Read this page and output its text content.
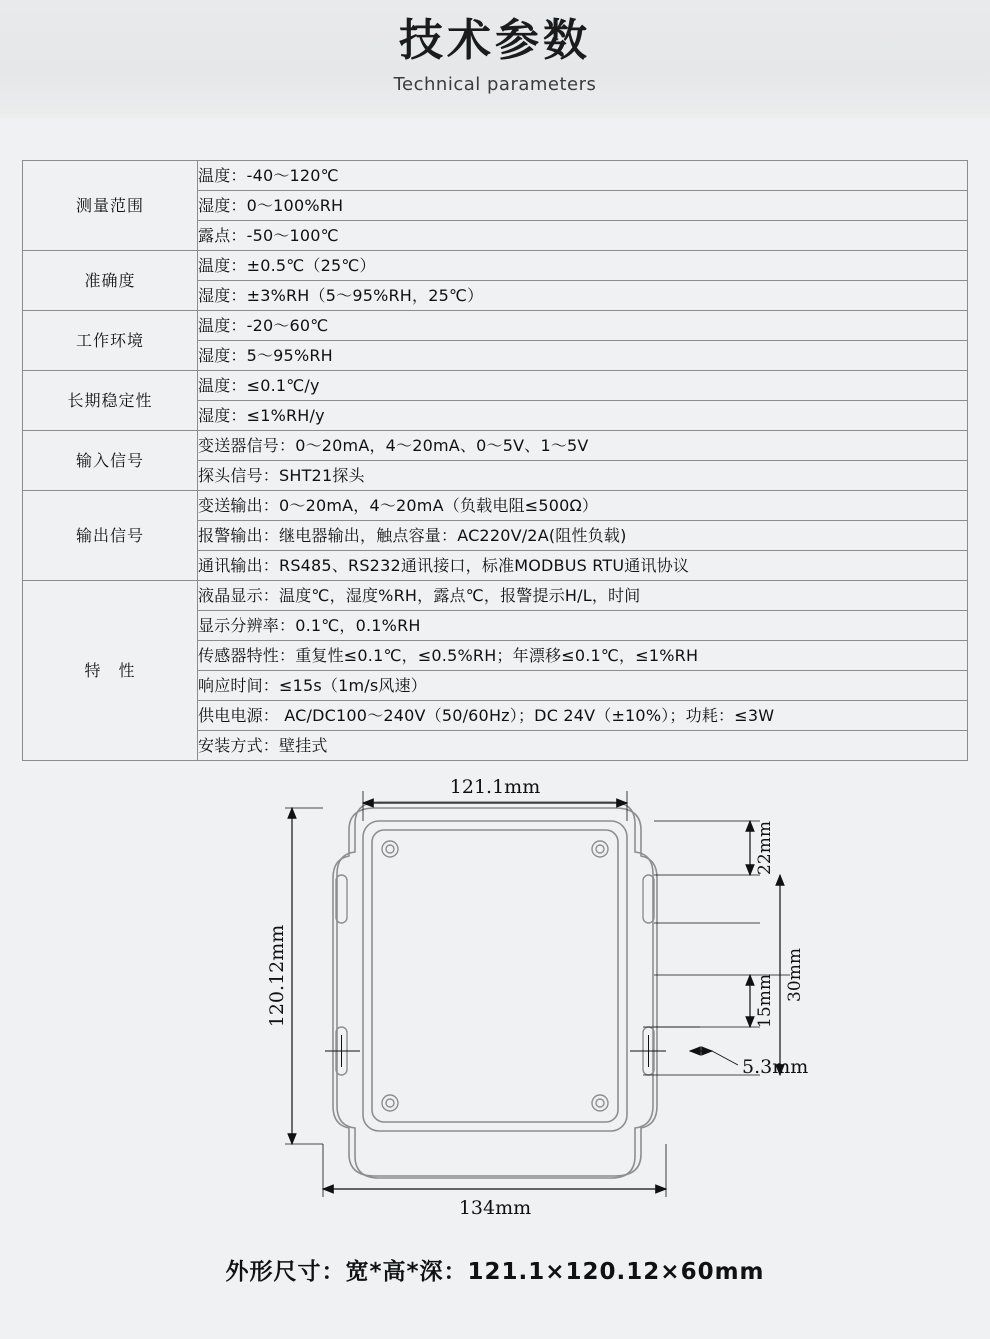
技术参数
Technical parameters
测量范围	温度：-40～120℃
	湿度：0～100%RH
	露点：-50～100℃
准确度	温度：±0.5℃（25℃）
	湿度：±3%RH（5～95%RH，25℃）
工作环境	温度：-20～60℃
	湿度：5～95%RH
长期稳定性	温度：≤0.1℃/y
	湿度：≤1%RH/y
输入信号	变送器信号：0～20mA，4～20mA、0～5V、1～5V
	探头信号：SHT21探头
输出信号	变送输出：0～20mA，4～20mA（负载电阻≤500Ω）
	报警输出：继电器输出，触点容量：AC220V/2A(阻性负载)
	通讯输出：RS485、RS232通讯接口，标准MODBUS RTU通讯协议
特　性	液晶显示：温度℃，湿度%RH，露点℃，报警提示H/L，时间
	显示分辨率：0.1℃，0.1%RH
	传感器特性：重复性≤0.1℃，≤0.5%RH；年漂移≤0.1℃，≤1%RH
	响应时间：≤15s（1m/s风速）
	供电电源： AC/DC100～240V（50/60Hz）；DC 24V（±10%）；功耗：≤3W
	安装方式：壁挂式
121.1mm
120.12mm
134mm
22mm
30mm
15mm
5.3mm
外形尺寸：宽*高*深：121.1×120.12×60mm
